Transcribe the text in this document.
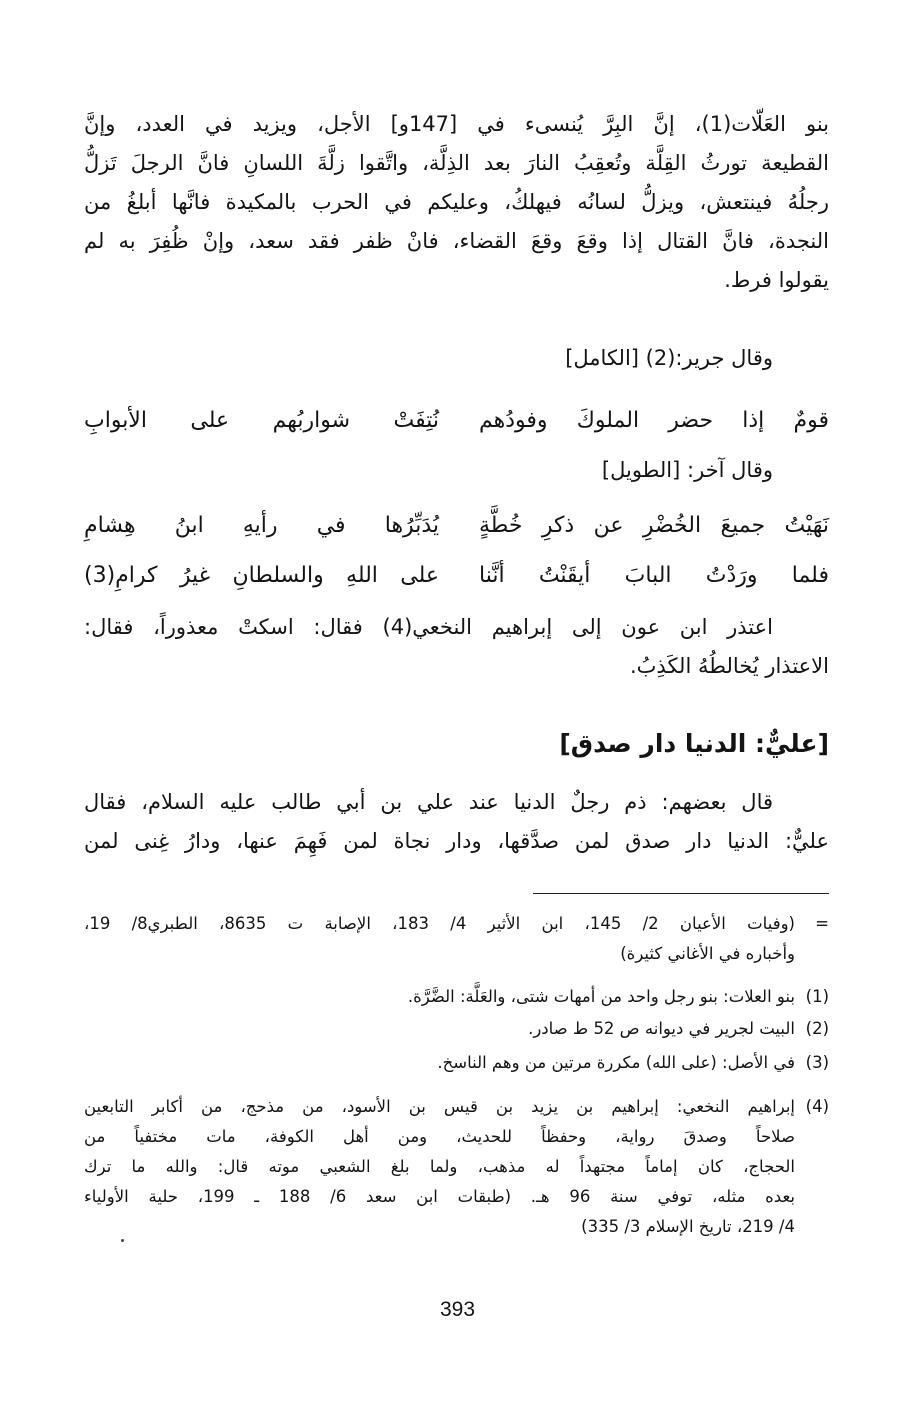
بنو العَلّات(1)، إنَّ البِرَّ يُنسىء في [147و] الأجل، ويزيد في العدد، وإنَّ
القطيعة تورثُ القِلَّة وتُعقِبُ النارَ بعد الذِلَّة، واتَّقوا زلَّةَ اللسانِ فانَّ الرجلَ تَزلُّ
رجلُهُ فينتعش، ويزلُّ لسانُه فيهلكُ، وعليكم في الحرب بالمكيدة فانَّها أبلغُ من
النجدة، فانَّ القتال إذا وقعَ وقعَ القضاء، فانْ ظفر فقد سعد، وإنْ ظُفِرَ به لم
يقولوا فرط.
وقال جرير:(2) [الكامل]
قومٌ إذا حضر الملوكَ وفودُهم
نُتِفَتْ شواربُهم على الأبوابِ
وقال آخر: [الطويل]
نَهَيْتُ جميعَ الخُضْرِ عن ذكرِ خُطَّةٍ
يُدَبِّرُها في رأيهِ ابنُ هِشامِ
فلما ورَدْتُ البابَ أيقَنْتُ أنَّنا
على اللهِ والسلطانِ غيرُ كرامِ(3)
اعتذر ابن عون إلى إبراهيم النخعي(4) فقال: اسكتْ معذوراً، فقال:
الاعتذار يُخالطُهُ الكَذِبُ.
[عليٌّ: الدنيا دار صدق]
قال بعضهم: ذم رجلٌ الدنيا عند علي بن أبي طالب عليه السلام، فقال
عليٌّ: الدنيا دار صدق لمن صدَّقها، ودار نجاة لمن فَهِمَ عنها، ودارُ غِنى لمن
=
(وفيات الأعيان 2/ 145، ابن الأثير 4/ 183، الإصابة ت 8635، الطبري8/ 19،
وأخباره في الأغاني كثيرة)
(1)
بنو العلات: بنو رجل واحد من أمهات شتى، والعَلَّة: الضَّرَّة.
(2)
البيت لجرير في ديوانه ص 52 ط صادر.
(3)
في الأصل: (على الله) مكررة مرتين من وهم الناسخ.
(4)
إبراهيم النخعي: إبراهيم بن يزيد بن قيس بن الأسود، من مذحج، من أكابر التابعين
صلاحاً وصدقَ رواية، وحفظاً للحديث، ومن أهل الكوفة، مات مختفياً من
الحجاج، كان إماماً مجتهداً له مذهب، ولما بلغ الشعبي موته قال: والله ما ترك
بعده مثله، توفي سنة 96 هـ. (طبقات ابن سعد 6/ 188 ـ 199، حلية الأولياء
4/ 219، تاريخ الإسلام 3/ 335)
393
